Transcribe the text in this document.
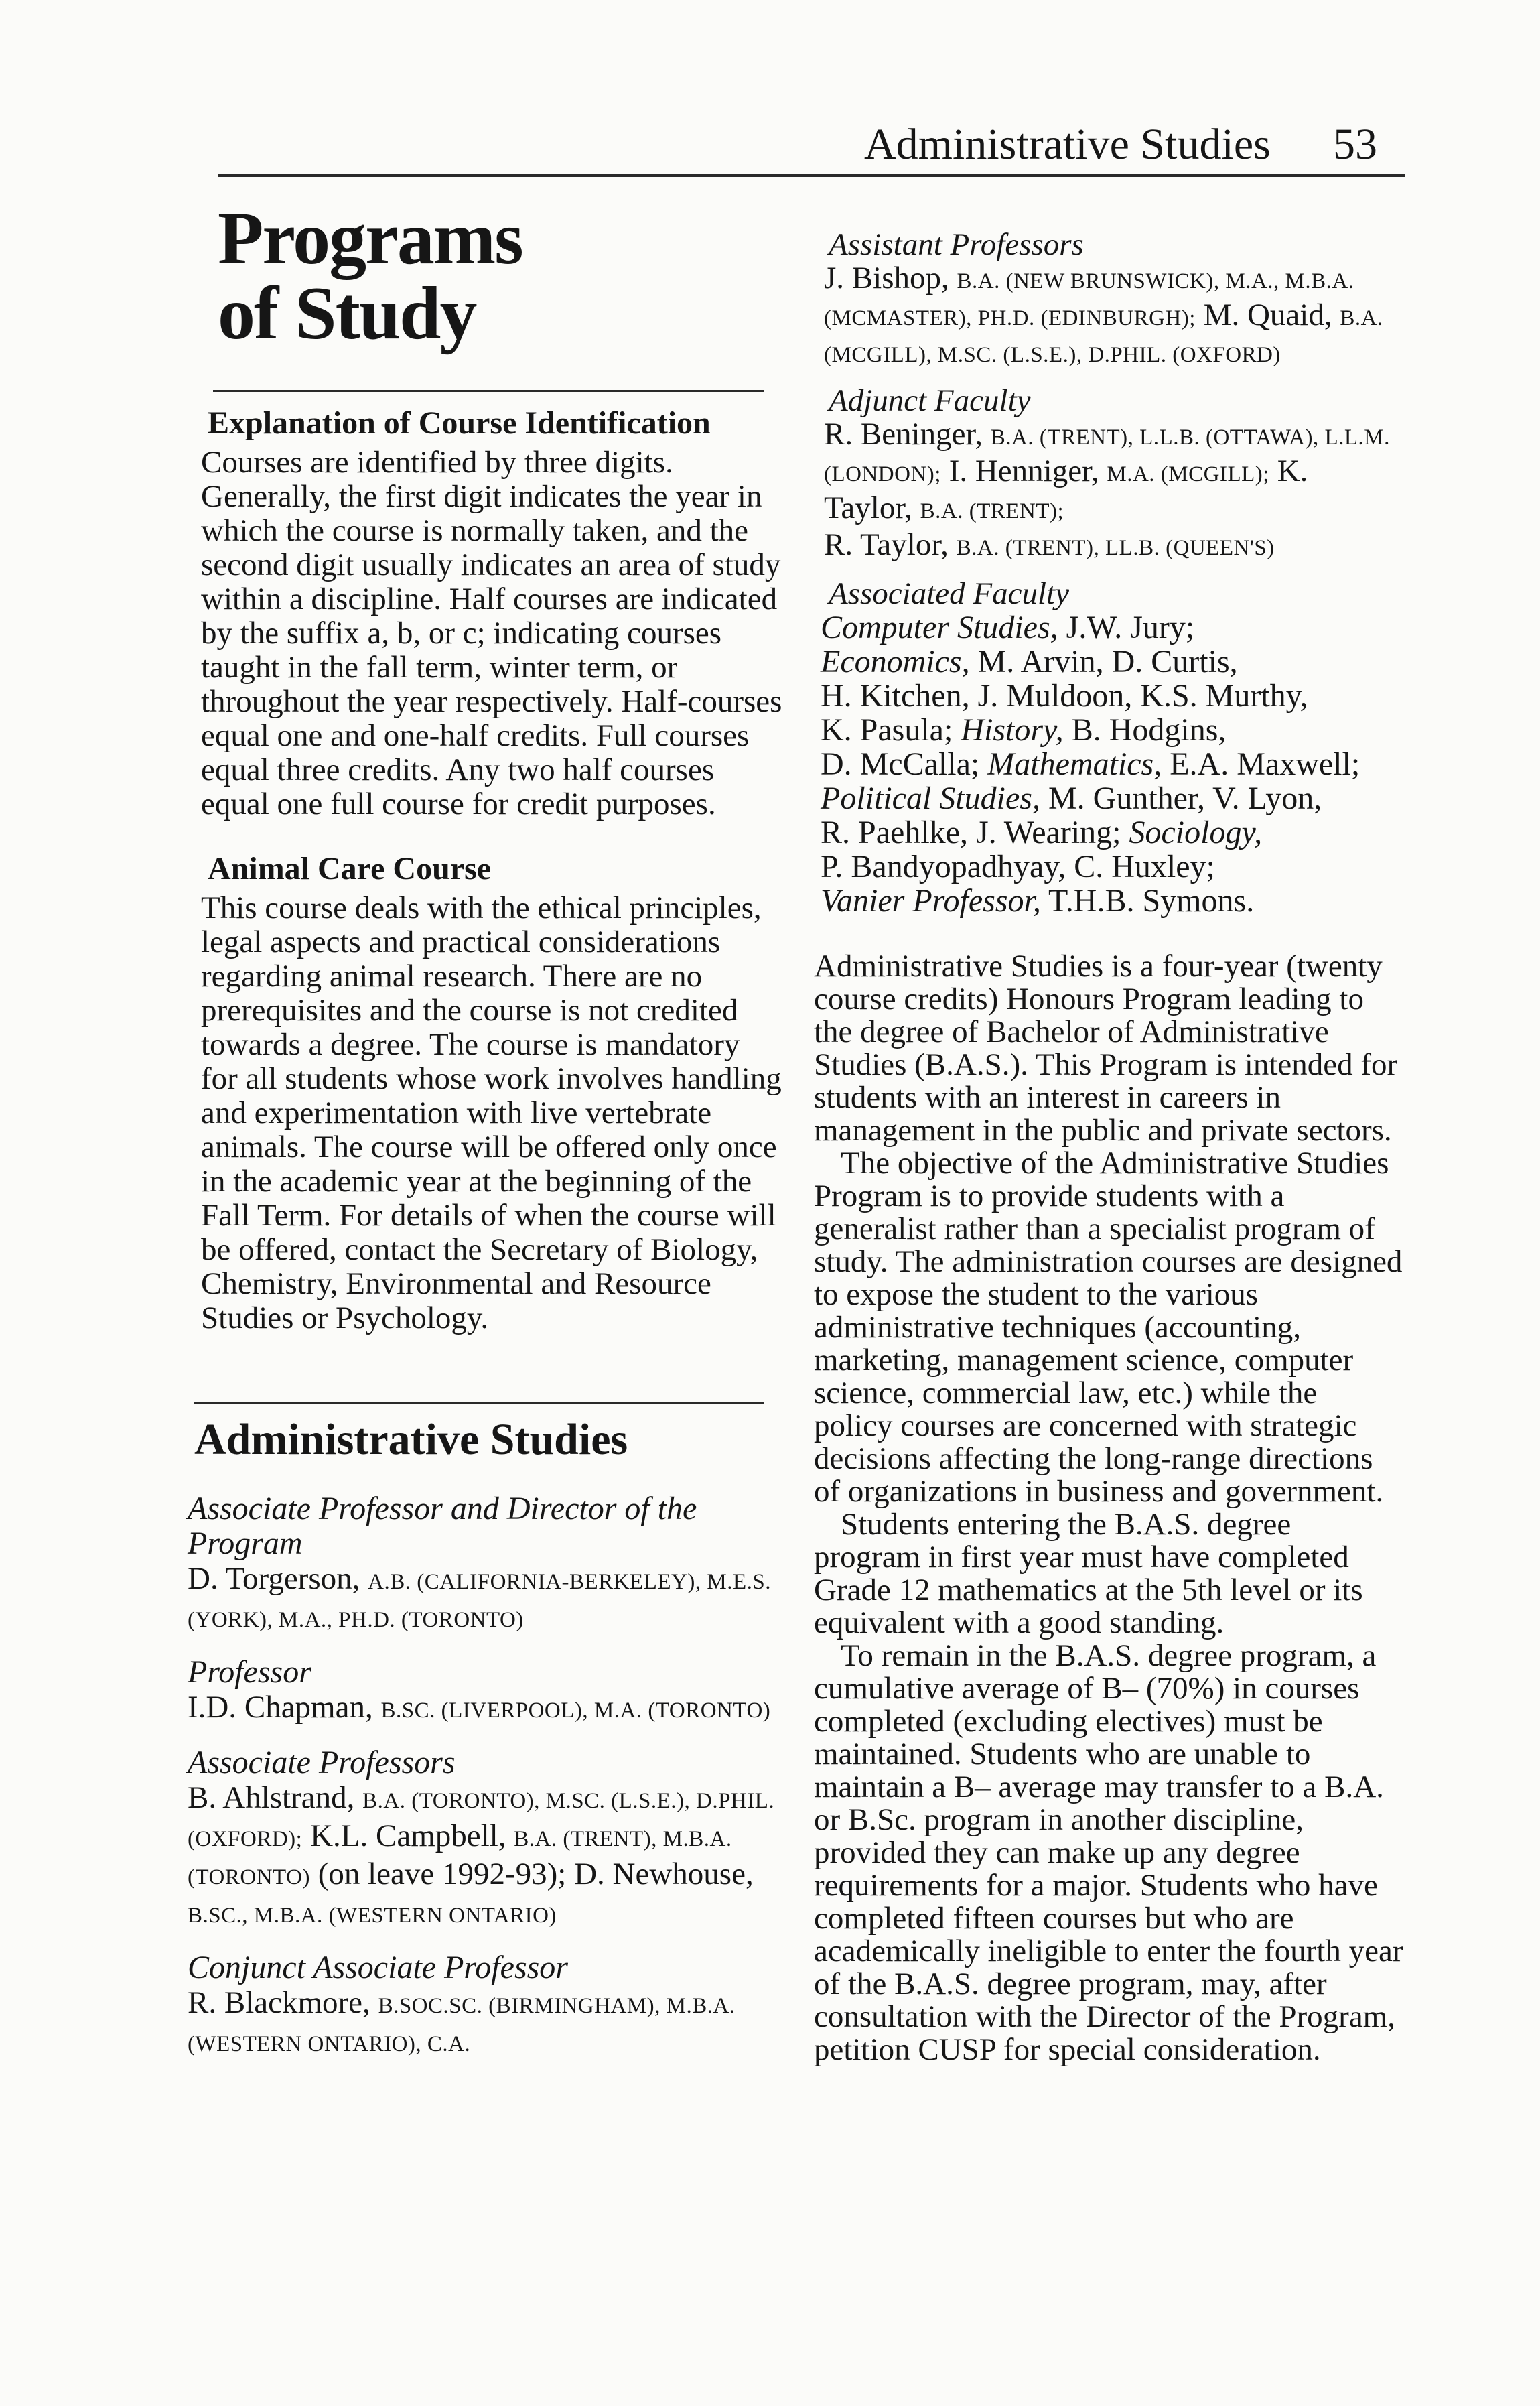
Administrative Studies 53
Programs
of Study
Explanation of Course Identification

Courses are identified by three digits. Generally, the first digit indicates the year in which the course is normally taken, and the second digit usually indicates an area of study within a discipline. Half courses are indicated by the suffix a, b, or c; indicating courses taught in the fall term, winter term, or throughout the year respectively. Half-courses equal one and one-half credits. Full courses equal three credits. Any two half courses equal one full course for credit purposes.

Animal Care Course

This course deals with the ethical principles, legal aspects and practical considerations regarding animal research. There are no prerequisites and the course is not credited towards a degree. The course is mandatory for all students whose work involves handling and experimentation with live vertebrate animals. The course will be offered only once in the academic year at the beginning of the Fall Term. For details of when the course will be offered, contact the Secretary of Biology, Chemistry, Environmental and Resource Studies or Psychology.

Administrative Studies
Associate Professor and Director of the Program
D. Torgerson, A.B. (CALIFORNIA-BERKELEY), M.E.S. (YORK), M.A., PH.D. (TORONTO)
Professor
I.D. Chapman, B.SC. (LIVERPOOL), M.A. (TORONTO)
Associate Professors
B. Ahlstrand, B.A. (TORONTO), M.SC. (L.S.E.), D.PHIL. (OXFORD); K.L. Campbell, B.A. (TRENT), M.B.A. (TORONTO) (on leave 1992-93); D. Newhouse, B.SC., M.B.A. (WESTERN ONTARIO)
Conjunct Associate Professor
R. Blackmore, B.SOC.SC. (BIRMINGHAM), M.B.A. (WESTERN ONTARIO), C.A.
Assistant Professors
J. Bishop, B.A. (NEW BRUNSWICK), M.A., M.B.A. (MCMASTER), PH.D. (EDINBURGH); M. Quaid, B.A. (MCGILL), M.SC. (L.S.E.), D.PHIL. (OXFORD)
Adjunct Faculty
R. Beninger, B.A. (TRENT), L.L.B. (OTTAWA), L.L.M. (LONDON); I. Henniger, M.A. (MCGILL); K. Taylor, B.A. (TRENT);
R. Taylor, B.A. (TRENT), LL.B. (QUEEN'S)
Associated Faculty
Computer Studies, J.W. Jury;
Economics, M. Arvin, D. Curtis,
H. Kitchen, J. Muldoon, K.S. Murthy,
K. Pasula; History, B. Hodgins,
D. McCalla; Mathematics, E.A. Maxwell;
Political Studies, M. Gunther, V. Lyon,
R. Paehlke, J. Wearing; Sociology,
P. Bandyopadhyay, C. Huxley;
Vanier Professor, T.H.B. Symons.

Administrative Studies is a four-year (twenty course credits) Honours Program leading to the degree of Bachelor of Administrative Studies (B.A.S.). This Program is intended for students with an interest in careers in management in the public and private sectors.

The objective of the Administrative Studies Program is to provide students with a generalist rather than a specialist program of study. The administration courses are designed to expose the student to the various administrative techniques (accounting, marketing, management science, computer science, commercial law, etc.) while the policy courses are concerned with strategic decisions affecting the long-range directions of organizations in business and government.

Students entering the B.A.S. degree program in first year must have completed Grade 12 mathematics at the 5th level or its equivalent with a good standing.

To remain in the B.A.S. degree program, a cumulative average of B– (70%) in courses completed (excluding electives) must be maintained. Students who are unable to maintain a B– average may transfer to a B.A. or B.Sc. program in another discipline, provided they can make up any degree requirements for a major. Students who have completed fifteen courses but who are academically ineligible to enter the fourth year of the B.A.S. degree program, may, after consultation with the Director of the Program, petition CUSP for special consideration.
